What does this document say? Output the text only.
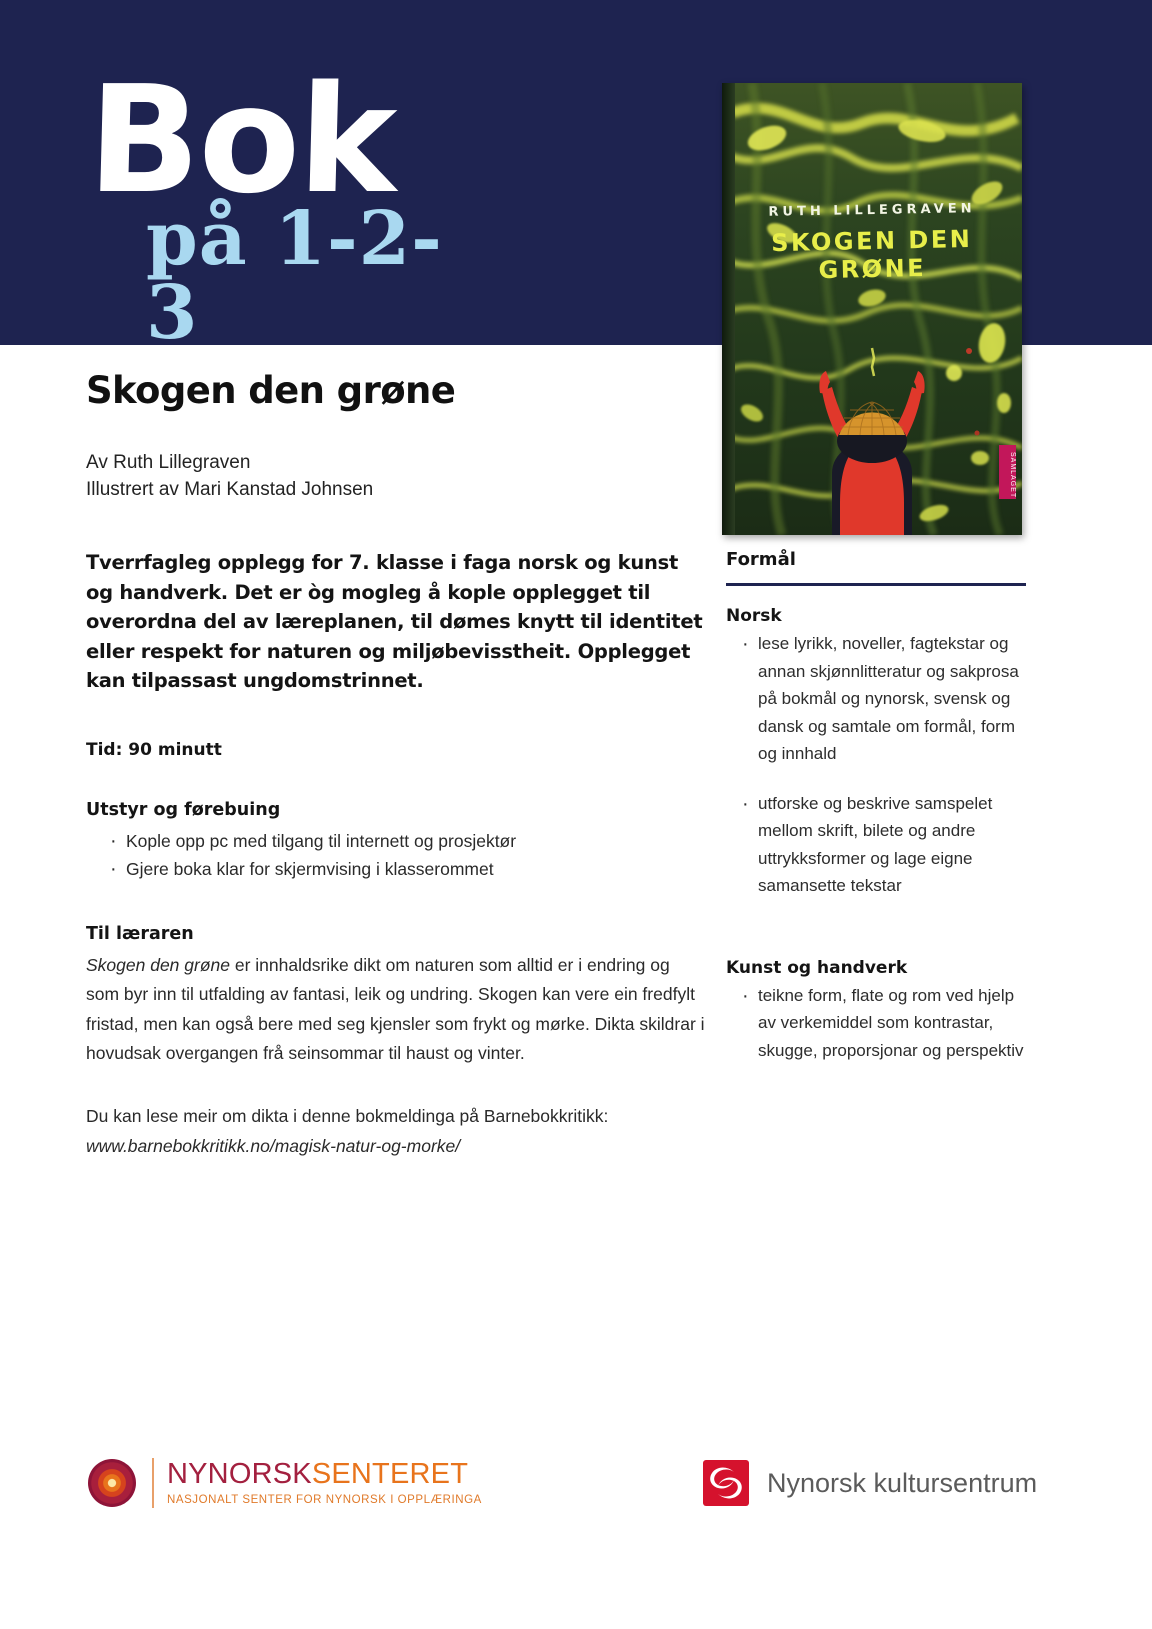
Bok
på 1-2-3
RUTH LILLEGRAVEN
SKOGEN DEN GRØNE
SAMLAGET
Skogen den grøne
Av Ruth Lillegraven
Illustrert av Mari Kanstad Johnsen

Tverrfagleg opplegg for 7. klasse i faga norsk og kunst og handverk. Det er òg mogleg å kople opplegget til overordna del av læreplanen, til dømes knytt til identitet eller respekt for naturen og miljøbevisstheit. Opplegget kan tilpassast ungdomstrinnet.

Tid: 90 minutt

Utstyr og førebuing
· Kople opp pc med tilgang til internett og prosjektør
· Gjere boka klar for skjermvising i klasserommet
Til læraren

Skogen den grøne er innhaldsrike dikt om naturen som alltid er i endring og som byr inn til utfalding av fantasi, leik og undring. Skogen kan vere ein fredfylt fristad, men kan også bere med seg kjensler som frykt og mørke. Dikta skildrar i hovudsak overgangen frå seinsommar til haust og vinter.

Du kan lese meir om dikta i denne bokmeldinga på Barnebokkritikk:
www.barnebokkritikk.no/magisk-natur-og-morke/

Formål
Norsk
· lese lyrikk, noveller, fagtekstar og annan skjønnlitteratur og sakprosa på bokmål og nynorsk, svensk og dansk og samtale om formål, form og innhald
· utforske og beskrive samspelet mellom skrift, bilete og andre uttrykksformer og lage eigne samansette tekstar
Kunst og handverk
· teikne form, flate og rom ved hjelp av verkemiddel som kontrastar, skugge, proporsjonar og perspektiv
NYNORSKSENTERET
NASJONALT SENTER FOR NYNORSK I OPPLÆRINGA
Nynorsk kultursentrum
